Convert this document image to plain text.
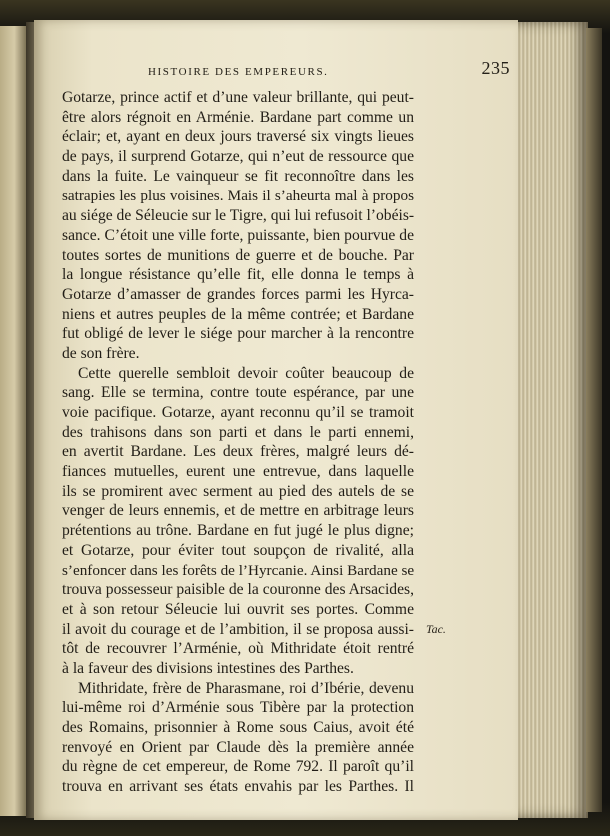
HISTOIRE DES EMPEREURS.	235
Gotarze, prince actif et d’une valeur brillante, qui peut-
être alors régnoit en Arménie. Bardane part comme un
éclair; et, ayant en deux jours traversé six vingts lieues
de pays, il surprend Gotarze, qui n’eut de ressource que
dans la fuite. Le vainqueur se fit reconnoître dans les
satrapies les plus voisines. Mais il s’aheurta mal à propos
au siége de Séleucie sur le Tigre, qui lui refusoit l’obéis-
sance. C’étoit une ville forte, puissante, bien pourvue de
toutes sortes de munitions de guerre et de bouche. Par
la longue résistance qu’elle fit, elle donna le temps à
Gotarze d’amasser de grandes forces parmi les Hyrca-
niens et autres peuples de la même contrée; et Bardane
fut obligé de lever le siége pour marcher à la rencontre
de son frère.
Cette querelle sembloit devoir coûter beaucoup de
sang. Elle se termina, contre toute espérance, par une
voie pacifique. Gotarze, ayant reconnu qu’il se tramoit
des trahisons dans son parti et dans le parti ennemi,
en avertit Bardane. Les deux frères, malgré leurs dé-
fiances mutuelles, eurent une entrevue, dans laquelle
ils se promirent avec serment au pied des autels de se
venger de leurs ennemis, et de mettre en arbitrage leurs
prétentions au trône. Bardane en fut jugé le plus digne;
et Gotarze, pour éviter tout soupçon de rivalité, alla
s’enfoncer dans les forêts de l’Hyrcanie. Ainsi Bardane se
trouva possesseur paisible de la couronne des Arsacides,
et à son retour Séleucie lui ouvrit ses portes. Comme
il avoit du courage et de l’ambition, il se proposa aussi-
tôt de recouvrer l’Arménie, où Mithridate étoit rentré
à la faveur des divisions intestines des Parthes.
Mithridate, frère de Pharasmane, roi d’Ibérie, devenu
lui-même roi d’Arménie sous Tibère par la protection
des Romains, prisonnier à Rome sous Caius, avoit été
renvoyé en Orient par Claude dès la première année
du règne de cet empereur, de Rome 792. Il paroît qu’il
trouva en arrivant ses états envahis par les Parthes. Il
Tac.
